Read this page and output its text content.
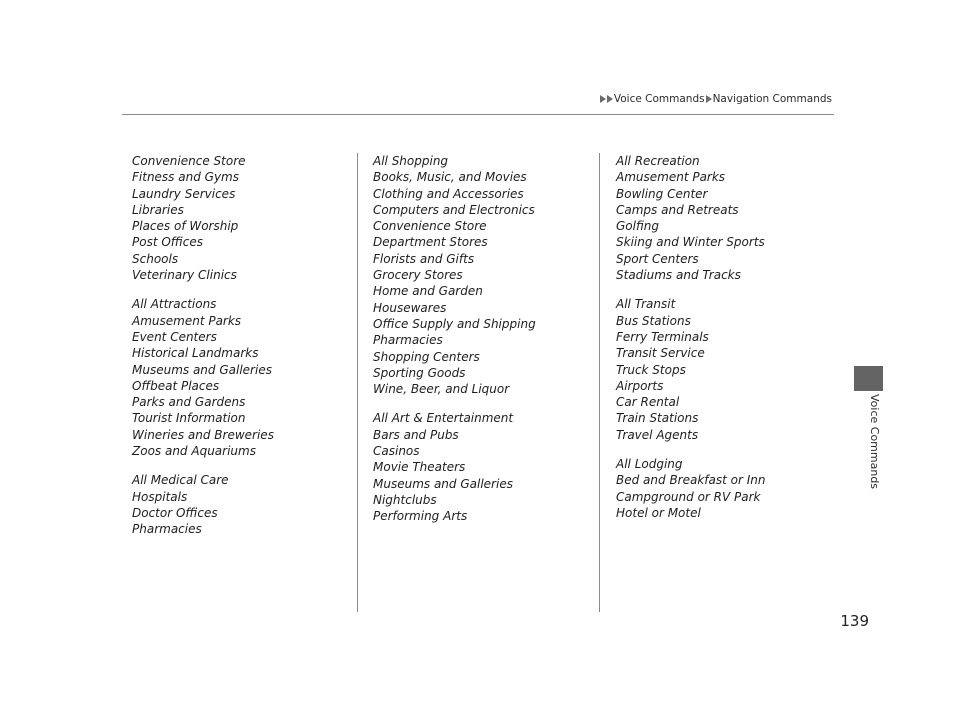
Voice Commands Navigation Commands
Convenience Store
Fitness and Gyms
Laundry Services
Libraries
Places of Worship
Post Offices
Schools
Veterinary Clinics
All Attractions
Amusement Parks
Event Centers
Historical Landmarks
Museums and Galleries
Offbeat Places
Parks and Gardens
Tourist Information
Wineries and Breweries
Zoos and Aquariums
All Medical Care
Hospitals
Doctor Offices
Pharmacies
All Shopping
Books, Music, and Movies
Clothing and Accessories
Computers and Electronics
Convenience Store
Department Stores
Florists and Gifts
Grocery Stores
Home and Garden
Housewares
Office Supply and Shipping
Pharmacies
Shopping Centers
Sporting Goods
Wine, Beer, and Liquor
All Art & Entertainment
Bars and Pubs
Casinos
Movie Theaters
Museums and Galleries
Nightclubs
Performing Arts
All Recreation
Amusement Parks
Bowling Center
Camps and Retreats
Golfing
Skiing and Winter Sports
Sport Centers
Stadiums and Tracks
All Transit
Bus Stations
Ferry Terminals
Transit Service
Truck Stops
Airports
Car Rental
Train Stations
Travel Agents
All Lodging
Bed and Breakfast or Inn
Campground or RV Park
Hotel or Motel
Voice Commands
139
